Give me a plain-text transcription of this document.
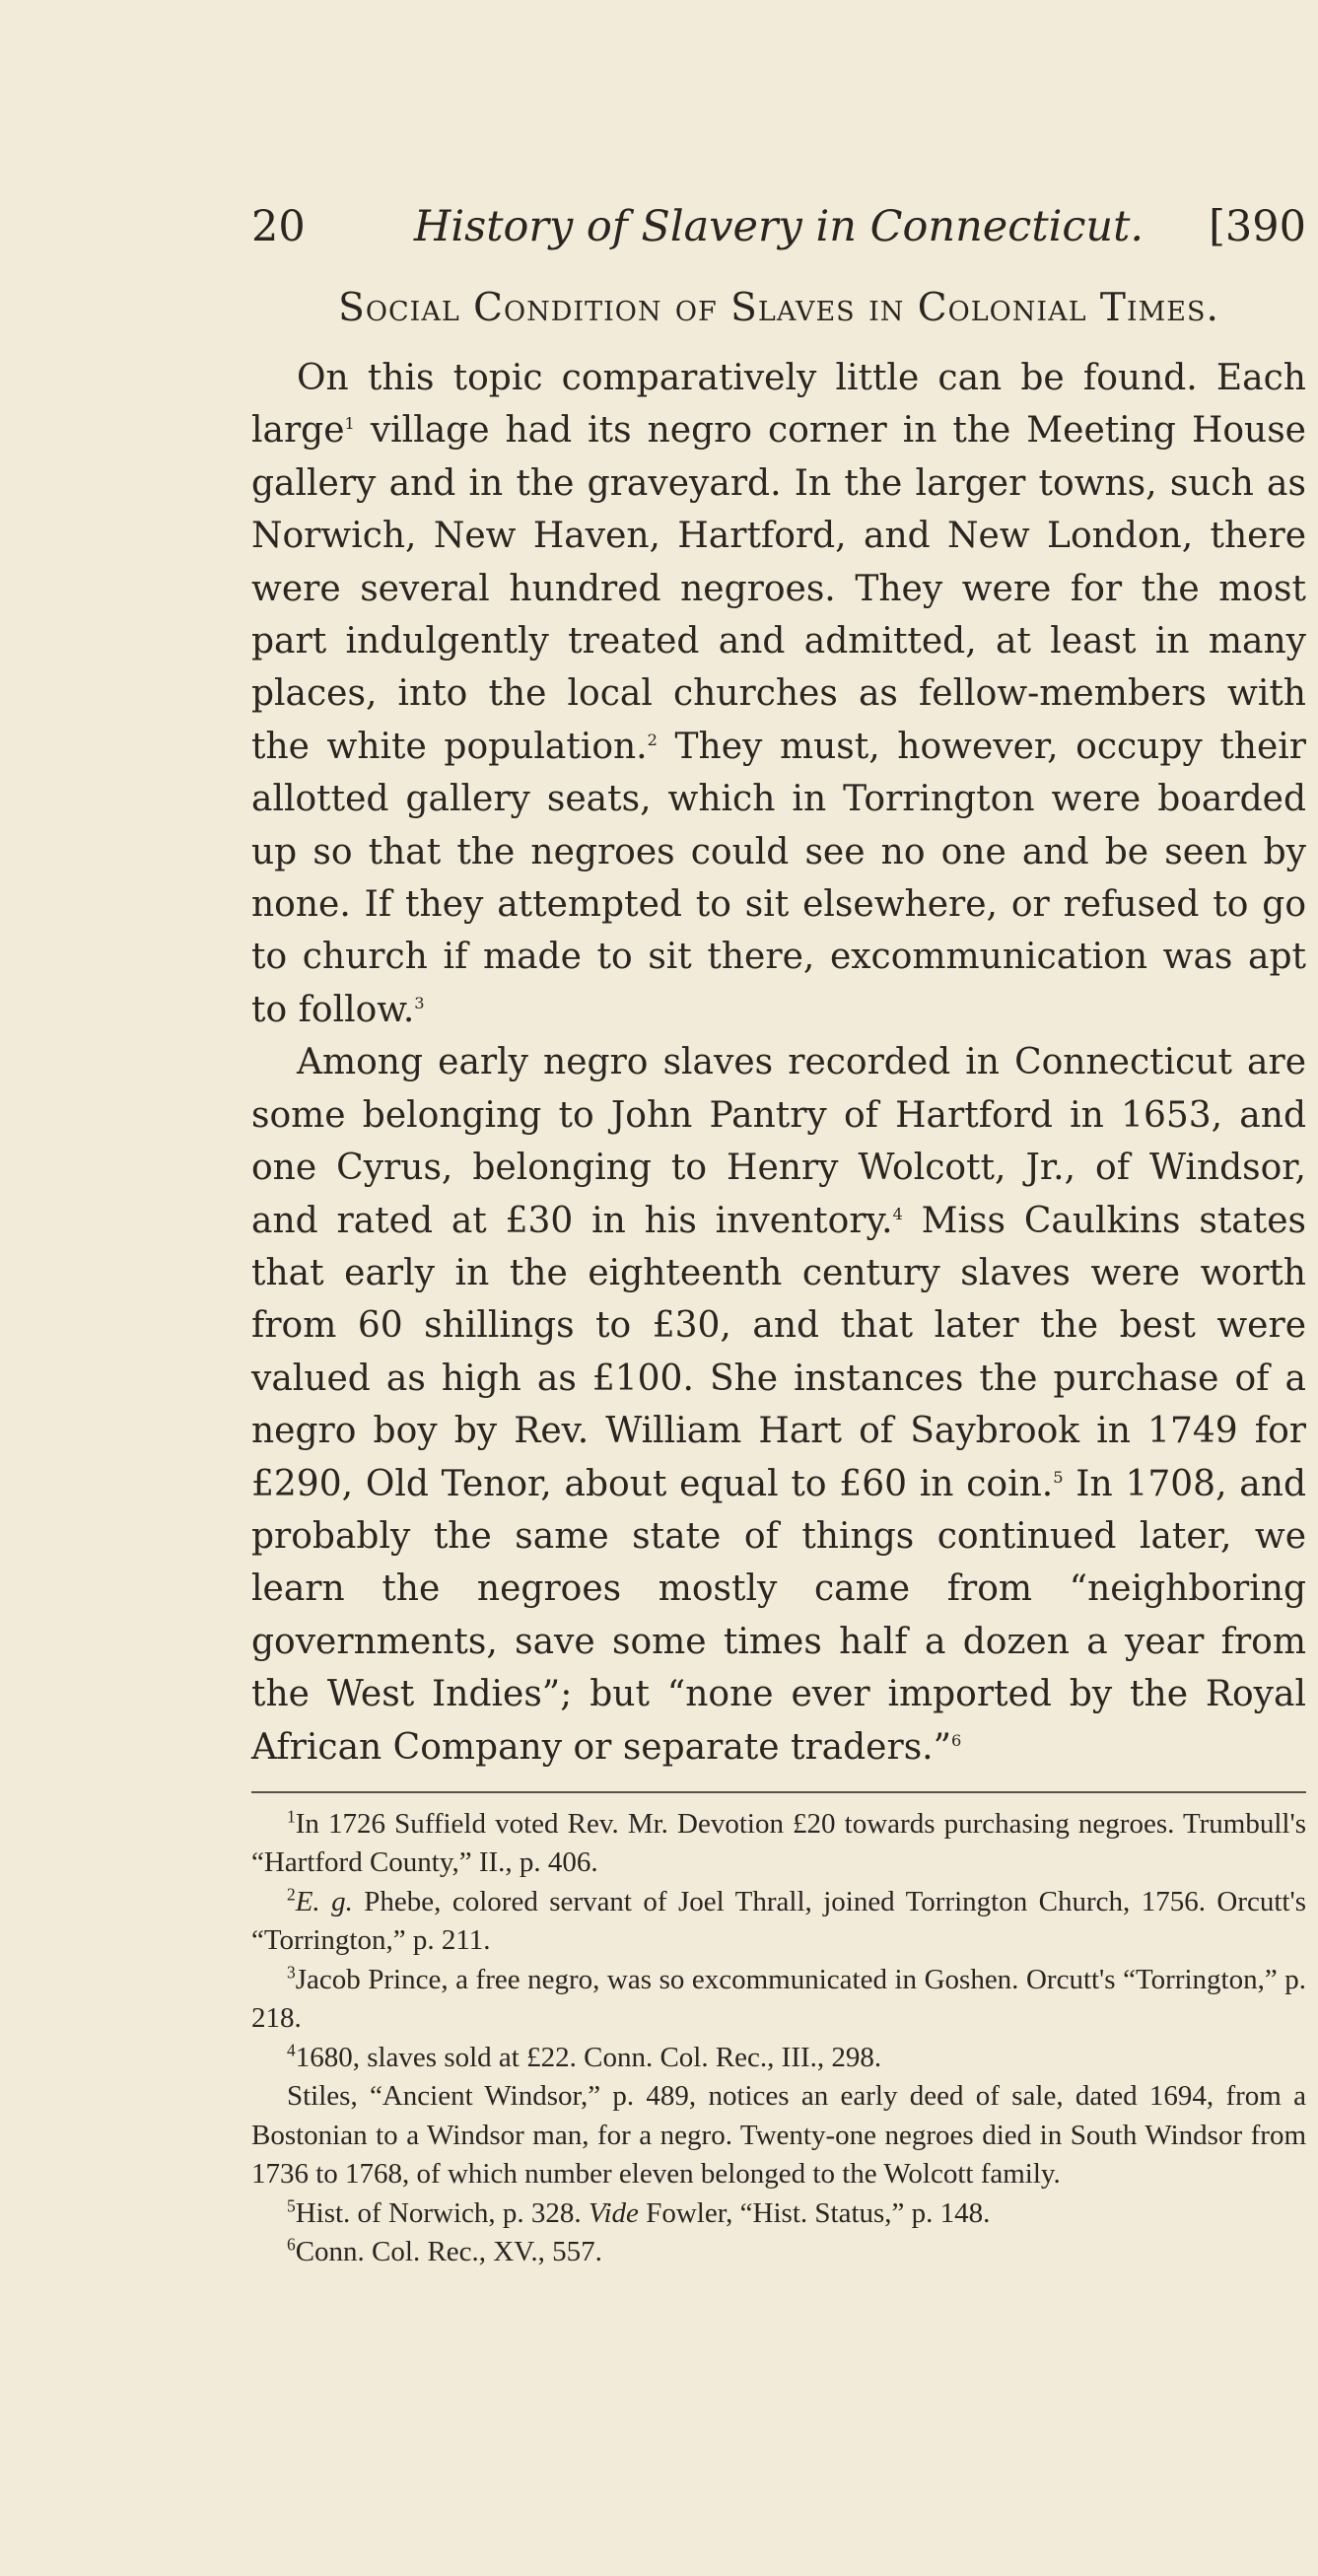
20	History of Slavery in Connecticut.	[390
Social Condition of Slaves in Colonial Times.

On this topic comparatively little can be found. Each large$^1$ village had its negro corner in the Meeting House gallery and in the graveyard. In the larger towns, such as Norwich, New Haven, Hartford, and New London, there were several hundred negroes. They were for the most part indulgently treated and admitted, at least in many places, into the local churches as fellow-members with the white population.$^2$ They must, however, occupy their allotted gallery seats, which in Torrington were boarded up so that the negroes could see no one and be seen by none. If they attempted to sit elsewhere, or refused to go to church if made to sit there, excommunication was apt to follow.$^3$

Among early negro slaves recorded in Connecticut are some belonging to John Pantry of Hartford in 1653, and one Cyrus, belonging to Henry Wolcott, Jr., of Windsor, and rated at £30 in his inventory.$^4$ Miss Caulkins states that early in the eighteenth century slaves were worth from 60 shillings to £30, and that later the best were valued as high as £100. She instances the purchase of a negro boy by Rev. William Hart of Saybrook in 1749 for £290, Old Tenor, about equal to £60 in coin.$^5$ In 1708, and probably the same state of things continued later, we learn the negroes mostly came from “neighboring governments, save some times half a dozen a year from the West Indies”; but “none ever imported by the Royal African Company or separate traders.”$^6$

$^1$In 1726 Suffield voted Rev. Mr. Devotion £20 towards purchasing negroes. Trumbull's “Hartford County,” II., p. 406.

$^2$E. g. Phebe, colored servant of Joel Thrall, joined Torrington Church, 1756. Orcutt's “Torrington,” p. 211.

$^3$Jacob Prince, a free negro, was so excommunicated in Goshen. Orcutt's “Torrington,” p. 218.

$^4$1680, slaves sold at £22. Conn. Col. Rec., III., 298.

Stiles, “Ancient Windsor,” p. 489, notices an early deed of sale, dated 1694, from a Bostonian to a Windsor man, for a negro. Twenty-one negroes died in South Windsor from 1736 to 1768, of which number eleven belonged to the Wolcott family.

$^5$Hist. of Norwich, p. 328. Vide Fowler, “Hist. Status,” p. 148.

$^6$Conn. Col. Rec., XV., 557.
